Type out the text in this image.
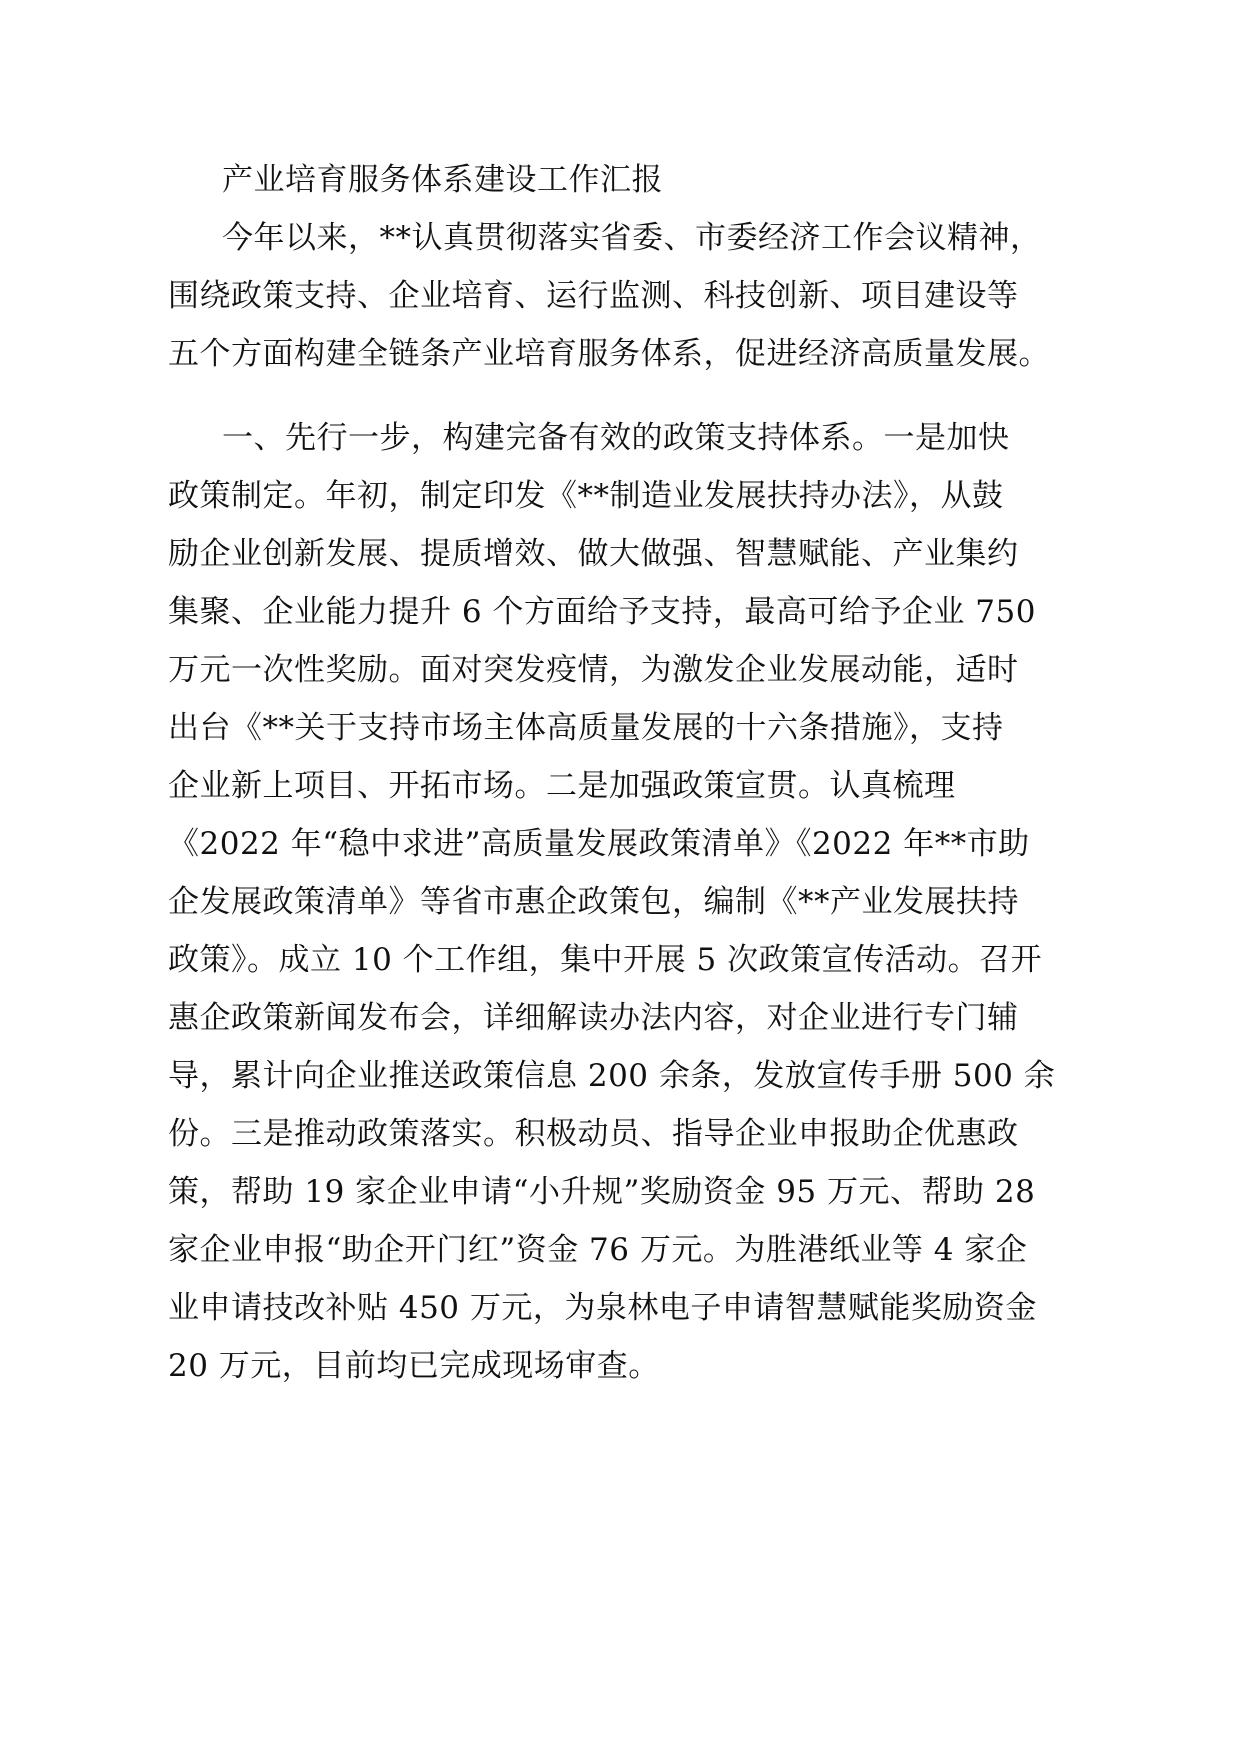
产业培育服务体系建设工作汇报
今年以来，**认真贯彻落实省委、市委经济工作会议精神，
围绕政策支持、企业培育、运行监测、科技创新、项目建设等
五个方面构建全链条产业培育服务体系，促进经济高质量发展。
一、先行一步，构建完备有效的政策支持体系。一是加快
政策制定。年初，制定印发《**制造业发展扶持办法》，从鼓
励企业创新发展、提质增效、做大做强、智慧赋能、产业集约
集聚、企业能力提升 6 个方面给予支持，最高可给予企业 750
万元一次性奖励。面对突发疫情，为激发企业发展动能，适时
出台《**关于支持市场主体高质量发展的十六条措施》，支持
企业新上项目、开拓市场。二是加强政策宣贯。认真梳理
《2022 年“稳中求进”高质量发展政策清单》《2022 年**市助
企发展政策清单》等省市惠企政策包，编制《**产业发展扶持
政策》。成立 10 个工作组，集中开展 5 次政策宣传活动。召开
惠企政策新闻发布会，详细解读办法内容，对企业进行专门辅
导，累计向企业推送政策信息 200 余条，发放宣传手册 500 余
份。三是推动政策落实。积极动员、指导企业申报助企优惠政
策，帮助 19 家企业申请“小升规”奖励资金 95 万元、帮助 28
家企业申报“助企开门红”资金 76 万元。为胜港纸业等 4 家企
业申请技改补贴 450 万元，为泉林电子申请智慧赋能奖励资金
20 万元，目前均已完成现场审查。
